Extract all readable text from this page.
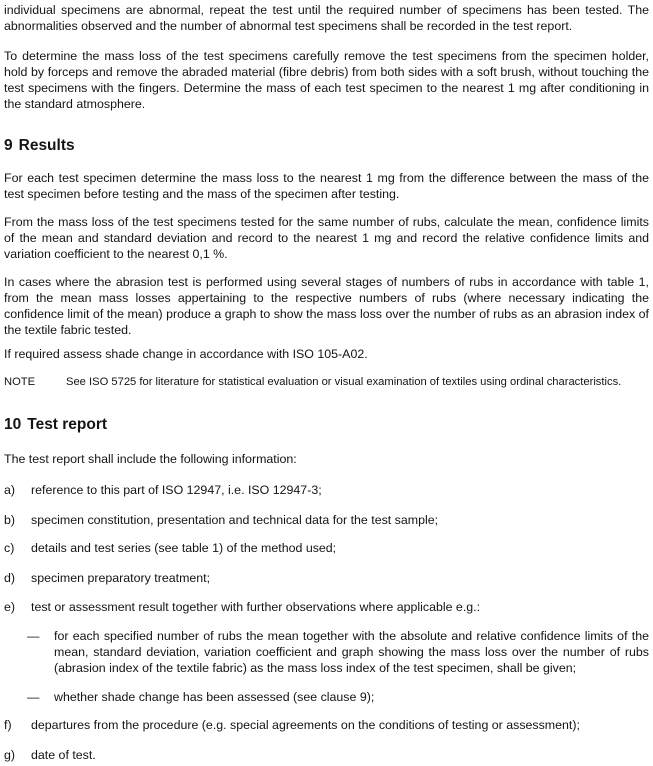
individual specimens are abnormal, repeat the test until the required number of specimens has been tested. The abnormalities observed and the number of abnormal test specimens shall be recorded in the test report.

To determine the mass loss of the test specimens carefully remove the test specimens from the specimen holder, hold by forceps and remove the abraded material (fibre debris) from both sides with a soft brush, without touching the test specimens with the fingers. Determine the mass of each test specimen to the nearest 1 mg after conditioning in the standard atmosphere.

9 Results

For each test specimen determine the mass loss to the nearest 1 mg from the difference between the mass of the test specimen before testing and the mass of the specimen after testing.

From the mass loss of the test specimens tested for the same number of rubs, calculate the mean, confidence limits of the mean and standard deviation and record to the nearest 1 mg and record the relative confidence limits and variation coefficient to the nearest 0,1 %.

In cases where the abrasion test is performed using several stages of numbers of rubs in accordance with table 1, from the mean mass losses appertaining to the respective numbers of rubs (where necessary indicating the confidence limit of the mean) produce a graph to show the mass loss over the number of rubs as an abrasion index of the textile fabric tested.

If required assess shade change in accordance with ISO 105-A02.

NOTE	See ISO 5725 for literature for statistical evaluation or visual examination of textiles using ordinal characteristics.
10 Test report

The test report shall include the following information:

a) reference to this part of ISO 12947, i.e. ISO 12947-3;
b) specimen constitution, presentation and technical data for the test sample;
c) details and test series (see table 1) of the method used;
d) specimen preparatory treatment;
e) test or assessment result together with further observations where applicable e.g.:
— for each specified number of rubs the mean together with the absolute and relative confidence limits of the mean, standard deviation, variation coefficient and graph showing the mass loss over the number of rubs (abrasion index of the textile fabric) as the mass loss index of the test specimen, shall be given;
— whether shade change has been assessed (see clause 9);
f) departures from the procedure (e.g. special agreements on the conditions of testing or assessment);
g) date of test.
